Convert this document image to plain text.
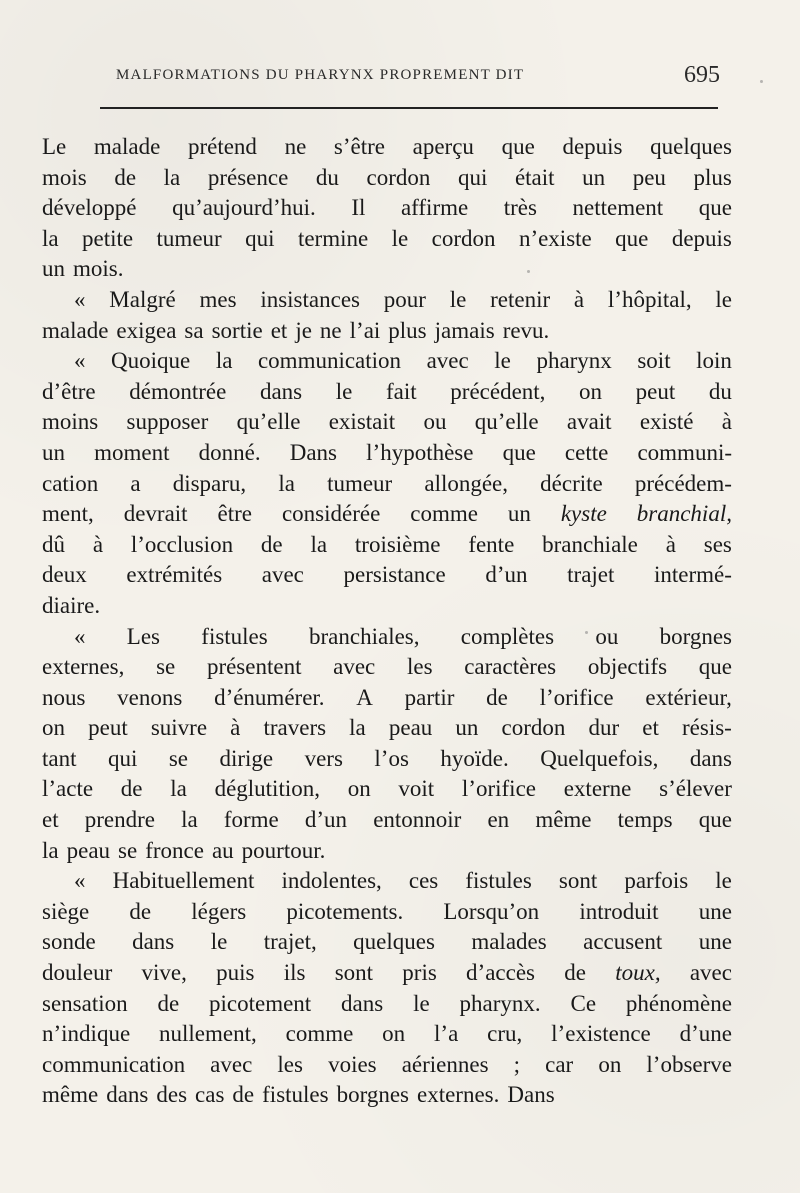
MALFORMATIONS DU PHARYNX PROPREMENT DIT	695
Le malade prétend ne s’être aperçu que depuis quelques
mois de la présence du cordon qui était un peu plus
développé qu’aujourd’hui. Il affirme très nettement que
la petite tumeur qui termine le cordon n’existe que depuis
un mois.
« Malgré mes insistances pour le retenir à l’hôpital, le
malade exigea sa sortie et je ne l’ai plus jamais revu.
« Quoique la communication avec le pharynx soit loin
d’être démontrée dans le fait précédent, on peut du
moins supposer qu’elle existait ou qu’elle avait existé à
un moment donné. Dans l’hypothèse que cette communi-
cation a disparu, la tumeur allongée, décrite précédem-
ment, devrait être considérée comme un kyste branchial,
dû à l’occlusion de la troisième fente branchiale à ses
deux extrémités avec persistance d’un trajet intermé-
diaire.
« Les fistules branchiales, complètes ou borgnes
externes, se présentent avec les caractères objectifs que
nous venons d’énumérer. A partir de l’orifice extérieur,
on peut suivre à travers la peau un cordon dur et résis-
tant qui se dirige vers l’os hyoïde. Quelquefois, dans
l’acte de la déglutition, on voit l’orifice externe s’élever
et prendre la forme d’un entonnoir en même temps que
la peau se fronce au pourtour.
« Habituellement indolentes, ces fistules sont parfois le
siège de légers picotements. Lorsqu’on introduit une
sonde dans le trajet, quelques malades accusent une
douleur vive, puis ils sont pris d’accès de toux, avec
sensation de picotement dans le pharynx. Ce phénomène
n’indique nullement, comme on l’a cru, l’existence d’une
communication avec les voies aériennes ; car on l’observe
même dans des cas de fistules borgnes externes. Dans
